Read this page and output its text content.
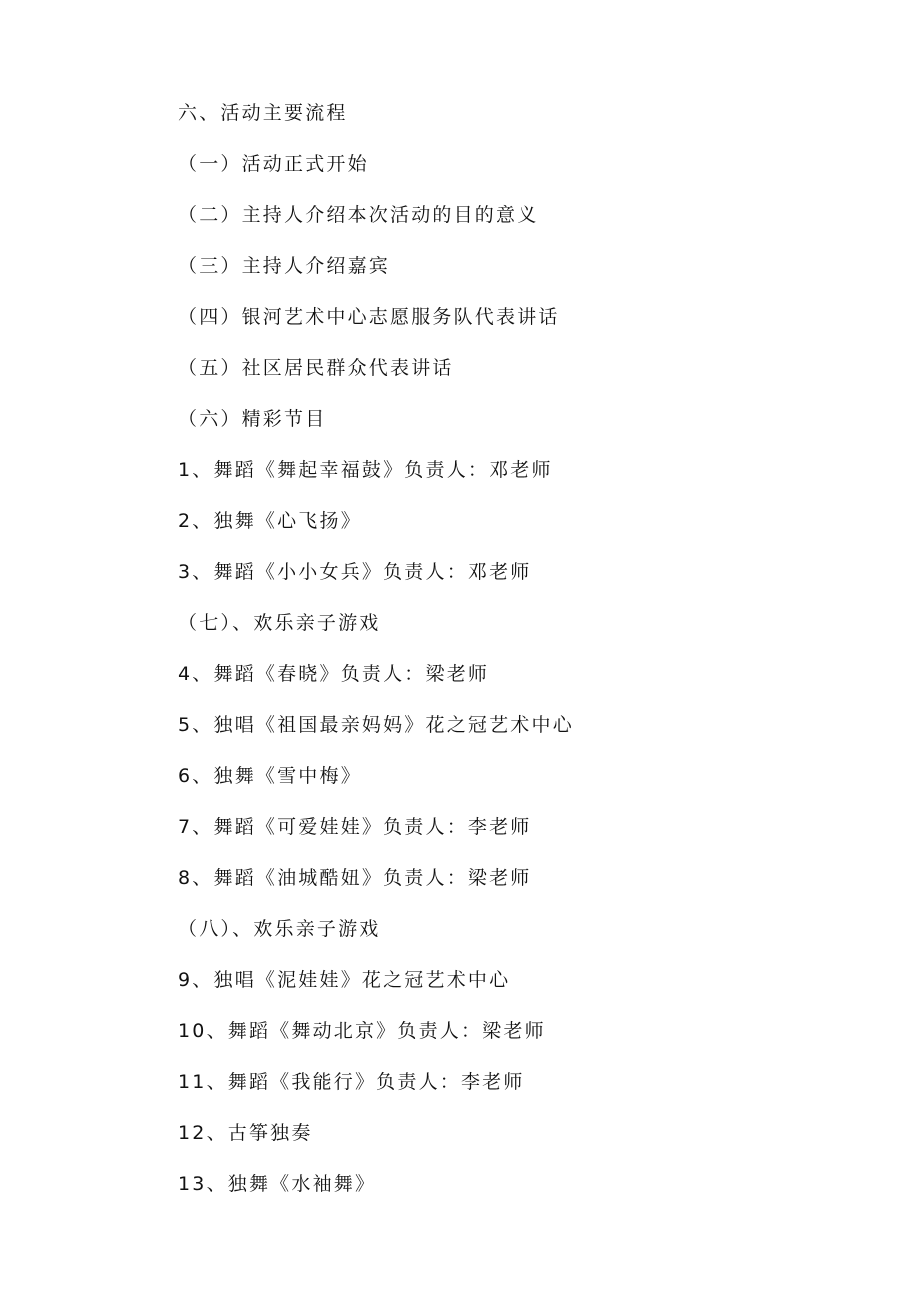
六、活动主要流程
（一）活动正式开始
（二）主持人介绍本次活动的目的意义
（三）主持人介绍嘉宾
（四）银河艺术中心志愿服务队代表讲话
（五）社区居民群众代表讲话
（六）精彩节目
1、舞蹈《舞起幸福鼓》负责人：邓老师
2、独舞《心飞扬》
3、舞蹈《小小女兵》负责人：邓老师
（七）、欢乐亲子游戏
4、舞蹈《春晓》负责人：梁老师
5、独唱《祖国最亲妈妈》花之冠艺术中心
6、独舞《雪中梅》
7、舞蹈《可爱娃娃》负责人：李老师
8、舞蹈《油城酷妞》负责人：梁老师
（八）、欢乐亲子游戏
9、独唱《泥娃娃》花之冠艺术中心
10、舞蹈《舞动北京》负责人：梁老师
11、舞蹈《我能行》负责人：李老师
12、古筝独奏
13、独舞《水袖舞》
